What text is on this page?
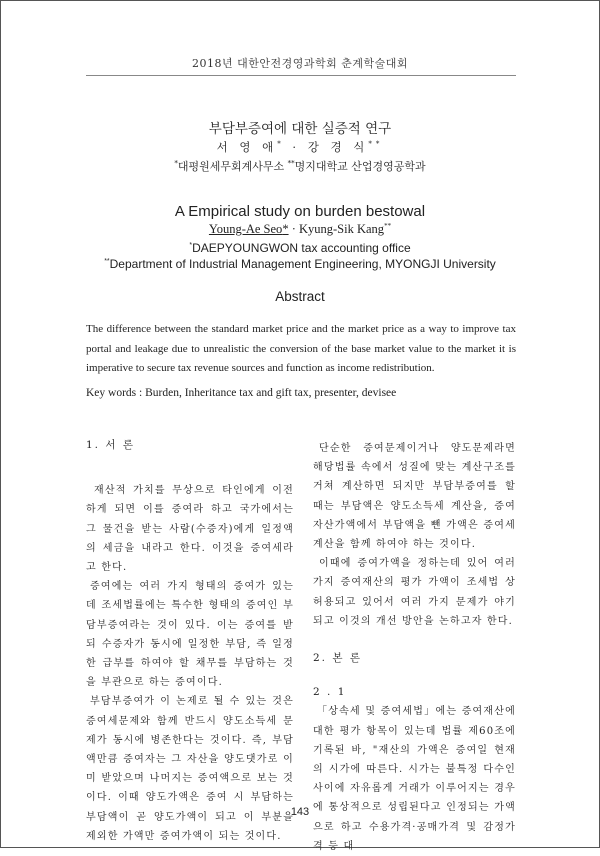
2018년 대한안전경영과학회 춘계학술대회
부담부증여에 대한 실증적 연구
서 영 애* · 강 경 식**
*대평원세무회계사무소 **명지대학교 산업경영공학과
A Empirical study on burden bestowal
Young-Ae Seo* · Kyung-Sik Kang**
*DAEPYOUNGWON tax accounting office
**Department of Industrial Management Engineering, MYONGJI University
Abstract
The difference between the standard market price and the market price as a way to improve tax portal and leakage due to unrealistic the conversion of the base market value to the market it is imperative to secure tax revenue sources and function as income redistribution.
Key words : Burden, Inheritance tax and gift tax, presenter, devisee
1. 서 론
재산적 가치를 무상으로 타인에게 이전하게 되면 이를 증여라 하고 국가에서는 그 물건을 받는 사람(수증자)에게 일정액의 세금을 내라고 한다. 이것을 증여세라고 한다.
증여에는 여러 가지 형태의 증여가 있는데 조세법률에는 특수한 형태의 증여인 부담부증여라는 것이 있다. 이는 증여를 받되 수증자가 동시에 일정한 부담, 즉 일정한 급부를 하여야 할 채무를 부담하는 것을 부관으로 하는 증여이다.
부담부증여가 이 논제로 될 수 있는 것은 증여세문제와 함께 반드시 양도소득세 문제가 동시에 병존한다는 것이다. 즉, 부담액만큼 증여자는 그 자산을 양도댓가로 이미 받았으며 나머지는 증여액으로 보는 것이다. 이때 양도가액은 증여 시 부담하는 부담액이 곧 양도가액이 되고 이 부분을 제외한 가액만 증여가액이 되는 것이다.
단순한 증여문제이거나 양도문제라면 해당법률 속에서 성질에 맞는 계산구조를 거쳐 계산하면 되지만 부담부증여를 할 때는 부담액은 양도소득세 계산을, 증여자산가액에서 부담액을 뺀 가액은 증여세계산을 함께 하여야 하는 것이다.
이때에 증여가액을 정하는데 있어 여러 가지 증여재산의 평가 가액이 조세법 상 허용되고 있어서 여러 가지 문제가 야기 되고 이것의 개선 방안을 논하고자 한다.
2. 본 론
2 . 1
「상속세 및 증여세법」에는 증여재산에 대한 평가 항목이 있는데 법률 제60조에 기록된 바, "재산의 가액은 증여일 현재의 시가에 따른다. 시가는 불특정 다수인 사이에 자유롭게 거래가 이루어지는 경우에 통상적으로 성립된다고 인정되는 가액으로 하고 수용가격·공매가격 및 감정가격 등 대
143
